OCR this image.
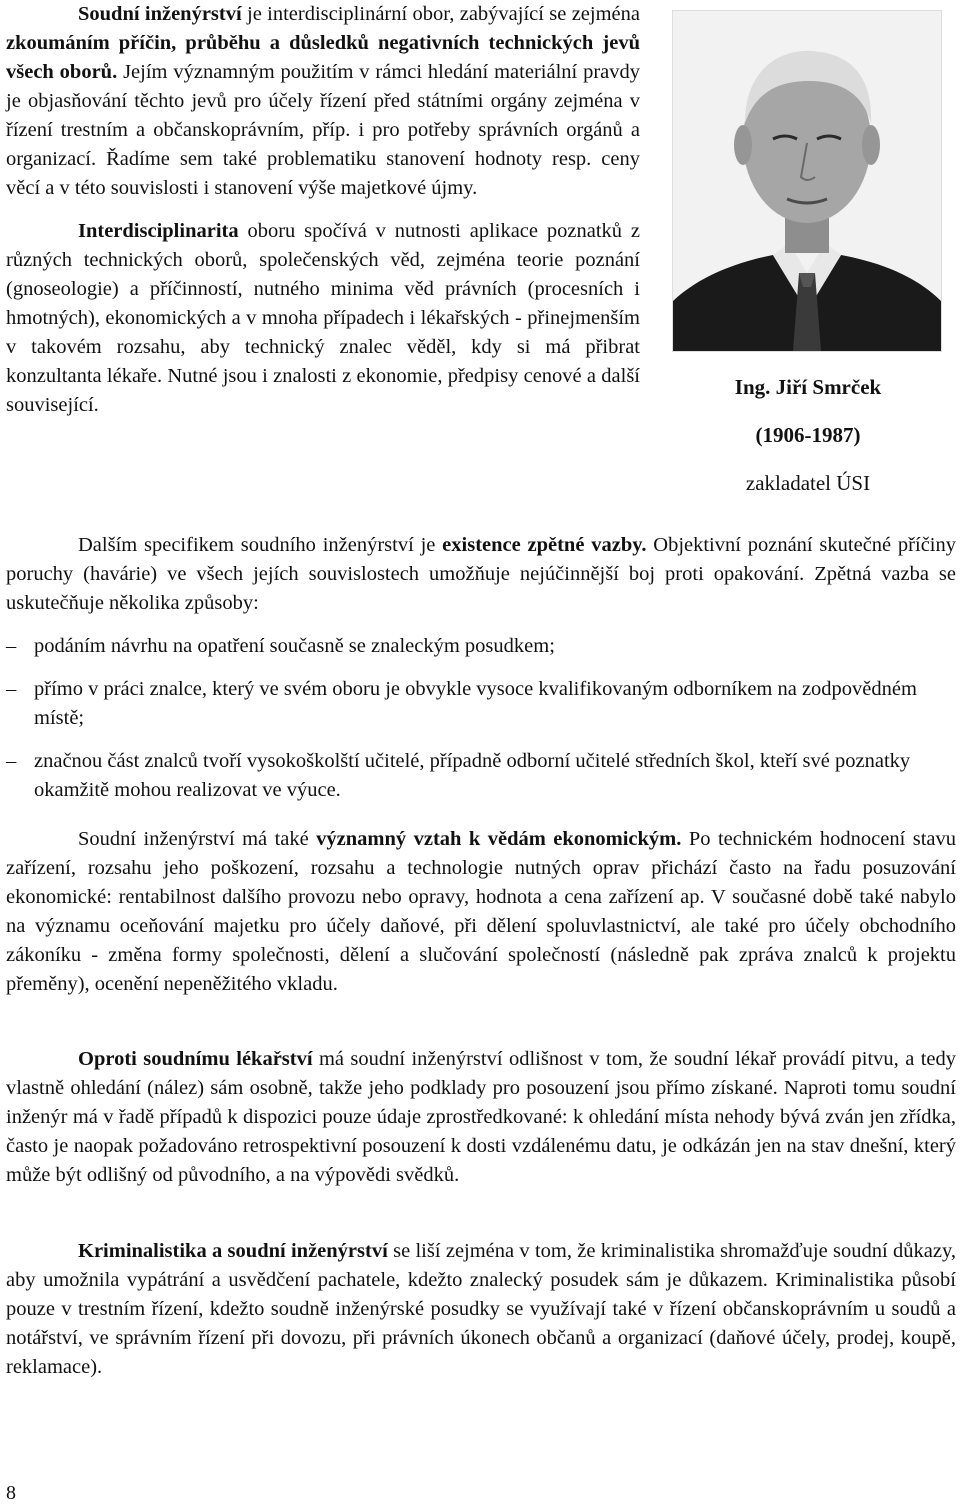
Soudní inženýrství je interdisciplinární obor, zabývající se zejména zkoumáním příčin, průběhu a důsledků negativních technických jevů všech oborů. Jejím významným použitím v rámci hledání materiální pravdy je objasňování těchto jevů pro účely řízení před státními orgány zejména v řízení trestním a občanskoprávním, příp. i pro potřeby správních orgánů a organizací. Řadíme sem také problematiku stanovení hodnoty resp. ceny věcí a v této souvislosti i stanovení výše majetkové újmy.

Interdisciplinarita oboru spočívá v nutnosti aplikace poznatků z různých technických oborů, společenských věd, zejména teorie poznání (gnoseologie) a příčinností, nutného minima věd právních (procesních i hmotných), ekonomických a v mnoha případech i lékařských - přinejmenším v takovém rozsahu, aby technický znalec věděl, kdy si má přibrat konzultanta lékaře. Nutné jsou i znalosti z ekonomie, předpisy cenové a další související.

Ing. Jiří Smrček
(1906-1987)
zakladatel ÚSI

Dalším specifikem soudního inženýrství je existence zpětné vazby. Objektivní poznání skutečné příčiny poruchy (havárie) ve všech jejích souvislostech umožňuje nejúčinnější boj proti opakování. Zpětná vazba se uskutečňuje několika způsoby:

– podáním návrhu na opatření současně se znaleckým posudkem;
– přímo v práci znalce, který ve svém oboru je obvykle vysoce kvalifikovaným odborníkem na zodpovědném místě;
– značnou část znalců tvoří vysokoškolští učitelé, případně odborní učitelé středních škol, kteří své poznatky okamžitě mohou realizovat ve výuce.

Soudní inženýrství má také významný vztah k vědám ekonomickým. Po technickém hodnocení stavu zařízení, rozsahu jeho poškození, rozsahu a technologie nutných oprav přichází často na řadu posuzování ekonomické: rentabilnost dalšího provozu nebo opravy, hodnota a cena zařízení ap. V současné době také nabylo na významu oceňování majetku pro účely daňové, při dělení spoluvlastnictví, ale také pro účely obchodního zákoníku - změna formy společnosti, dělení a slučování společností (následně pak zpráva znalců k projektu přeměny), ocenění nepeněžitého vkladu.

Oproti soudnímu lékařství má soudní inženýrství odlišnost v tom, že soudní lékař provádí pitvu, a tedy vlastně ohledání (nález) sám osobně, takže jeho podklady pro posouzení jsou přímo získané. Naproti tomu soudní inženýr má v řadě případů k dispozici pouze údaje zprostředkované: k ohledání místa nehody bývá zván jen zřídka, často je naopak požadováno retrospektivní posouzení k dosti vzdálenému datu, je odkázán jen na stav dnešní, který může být odlišný od původního, a na výpovědi svědků.

Kriminalistika a soudní inženýrství se liší zejména v tom, že kriminalistika shromažďuje soudní důkazy, aby umožnila vypátrání a usvědčení pachatele, kdežto znalecký posudek sám je důkazem. Kriminalistika působí pouze v trestním řízení, kdežto soudně inženýrské posudky se využívají také v řízení občanskoprávním u soudů a notářství, ve správním řízení při dovozu, při právních úkonech občanů a organizací (daňové účely, prodej, koupě, reklamace).

8
